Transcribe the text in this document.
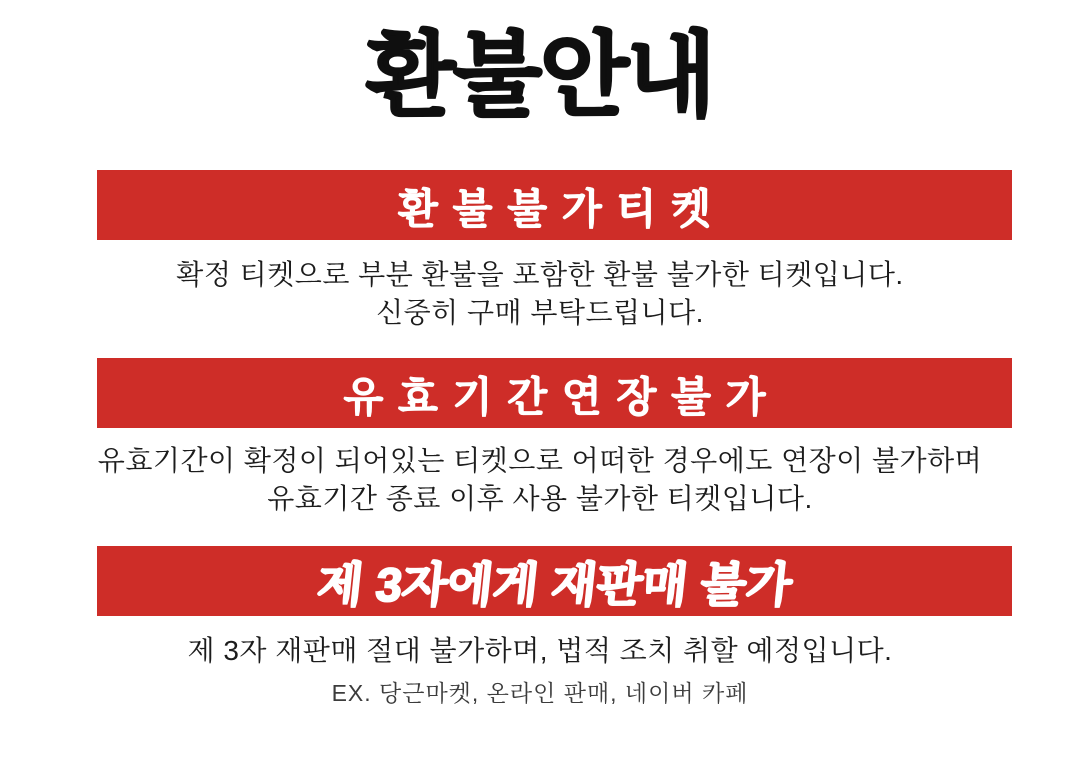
환불안내
환불불가티켓

확정 티켓으로 부분 환불을 포함한 환불 불가한 티켓입니다.

신중히 구매 부탁드립니다.

유효기간연장불가

유효기간이 확정이 되어있는 티켓으로 어떠한 경우에도 연장이 불가하며

유효기간 종료 이후 사용 불가한 티켓입니다.

제 3자에게 재판매 불가

제 3자 재판매 절대 불가하며, 법적 조치 취할 예정입니다.

EX. 당근마켓, 온라인 판매, 네이버 카페
